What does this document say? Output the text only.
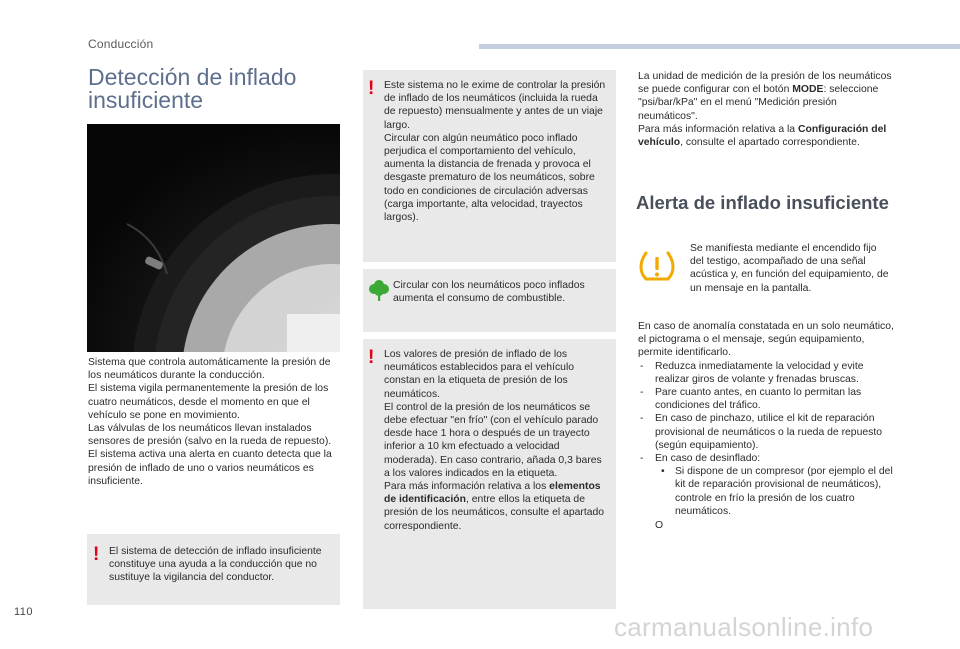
Conducción
Detección de inflado insuficiente

Sistema que controla automáticamente la presión de los neumáticos durante la conducción.

El sistema vigila permanentemente la presión de los cuatro neumáticos, desde el momento en que el vehículo se pone en movimiento.

Las válvulas de los neumáticos llevan instalados sensores de presión (salvo en la rueda de repuesto).

El sistema activa una alerta en cuanto detecta que la presión de inflado de uno o varios neumáticos es insuficiente.

! El sistema de detección de inflado insuficiente constituye una ayuda a la conducción que no sustituye la vigilancia del conductor.
! Este sistema no le exime de controlar la presión de inflado de los neumáticos (incluida la rueda de repuesto) mensualmente y antes de un viaje largo.

Circular con algún neumático poco inflado perjudica el comportamiento del vehículo, aumenta la distancia de frenada y provoca el desgaste prematuro de los neumáticos, sobre todo en condiciones de circulación adversas (carga importante, alta velocidad, trayectos largos).

Circular con los neumáticos poco inflados aumenta el consumo de combustible.
! Los valores de presión de inflado de los neumáticos establecidos para el vehículo constan en la etiqueta de presión de los neumáticos.

El control de la presión de los neumáticos se debe efectuar "en frío" (con el vehículo parado desde hace 1 hora o después de un trayecto inferior a 10 km efectuado a velocidad moderada). En caso contrario, añada 0,3 bares a los valores indicados en la etiqueta.

Para más información relativa a los elementos de identificación, entre ellos la etiqueta de presión de los neumáticos, consulte el apartado correspondiente.

La unidad de medición de la presión de los neumáticos se puede configurar con el botón MODE: seleccione "psi/bar/kPa" en el menú "Medición presión neumáticos".

Para más información relativa a la Configuración del vehículo, consulte el apartado correspondiente.

Alerta de inflado insuficiente
Se manifiesta mediante el encendido fijo del testigo, acompañado de una señal acústica y, en función del equipamiento, de un mensaje en la pantalla.

En caso de anomalía constatada en un solo neumático, el pictograma o el mensaje, según equipamiento, permite identificarlo.

- Reduzca inmediatamente la velocidad y evite realizar giros de volante y frenadas bruscas.
- Pare cuanto antes, en cuanto lo permitan las condiciones del tráfico.
- En caso de pinchazo, utilice el kit de reparación provisional de neumáticos o la rueda de repuesto (según equipamiento).
- En caso de desinflado:
• Si dispone de un compresor (por ejemplo el del kit de reparación provisional de neumáticos), controle en frío la presión de los cuatro neumáticos.

O

110	carmanualsonline.info
